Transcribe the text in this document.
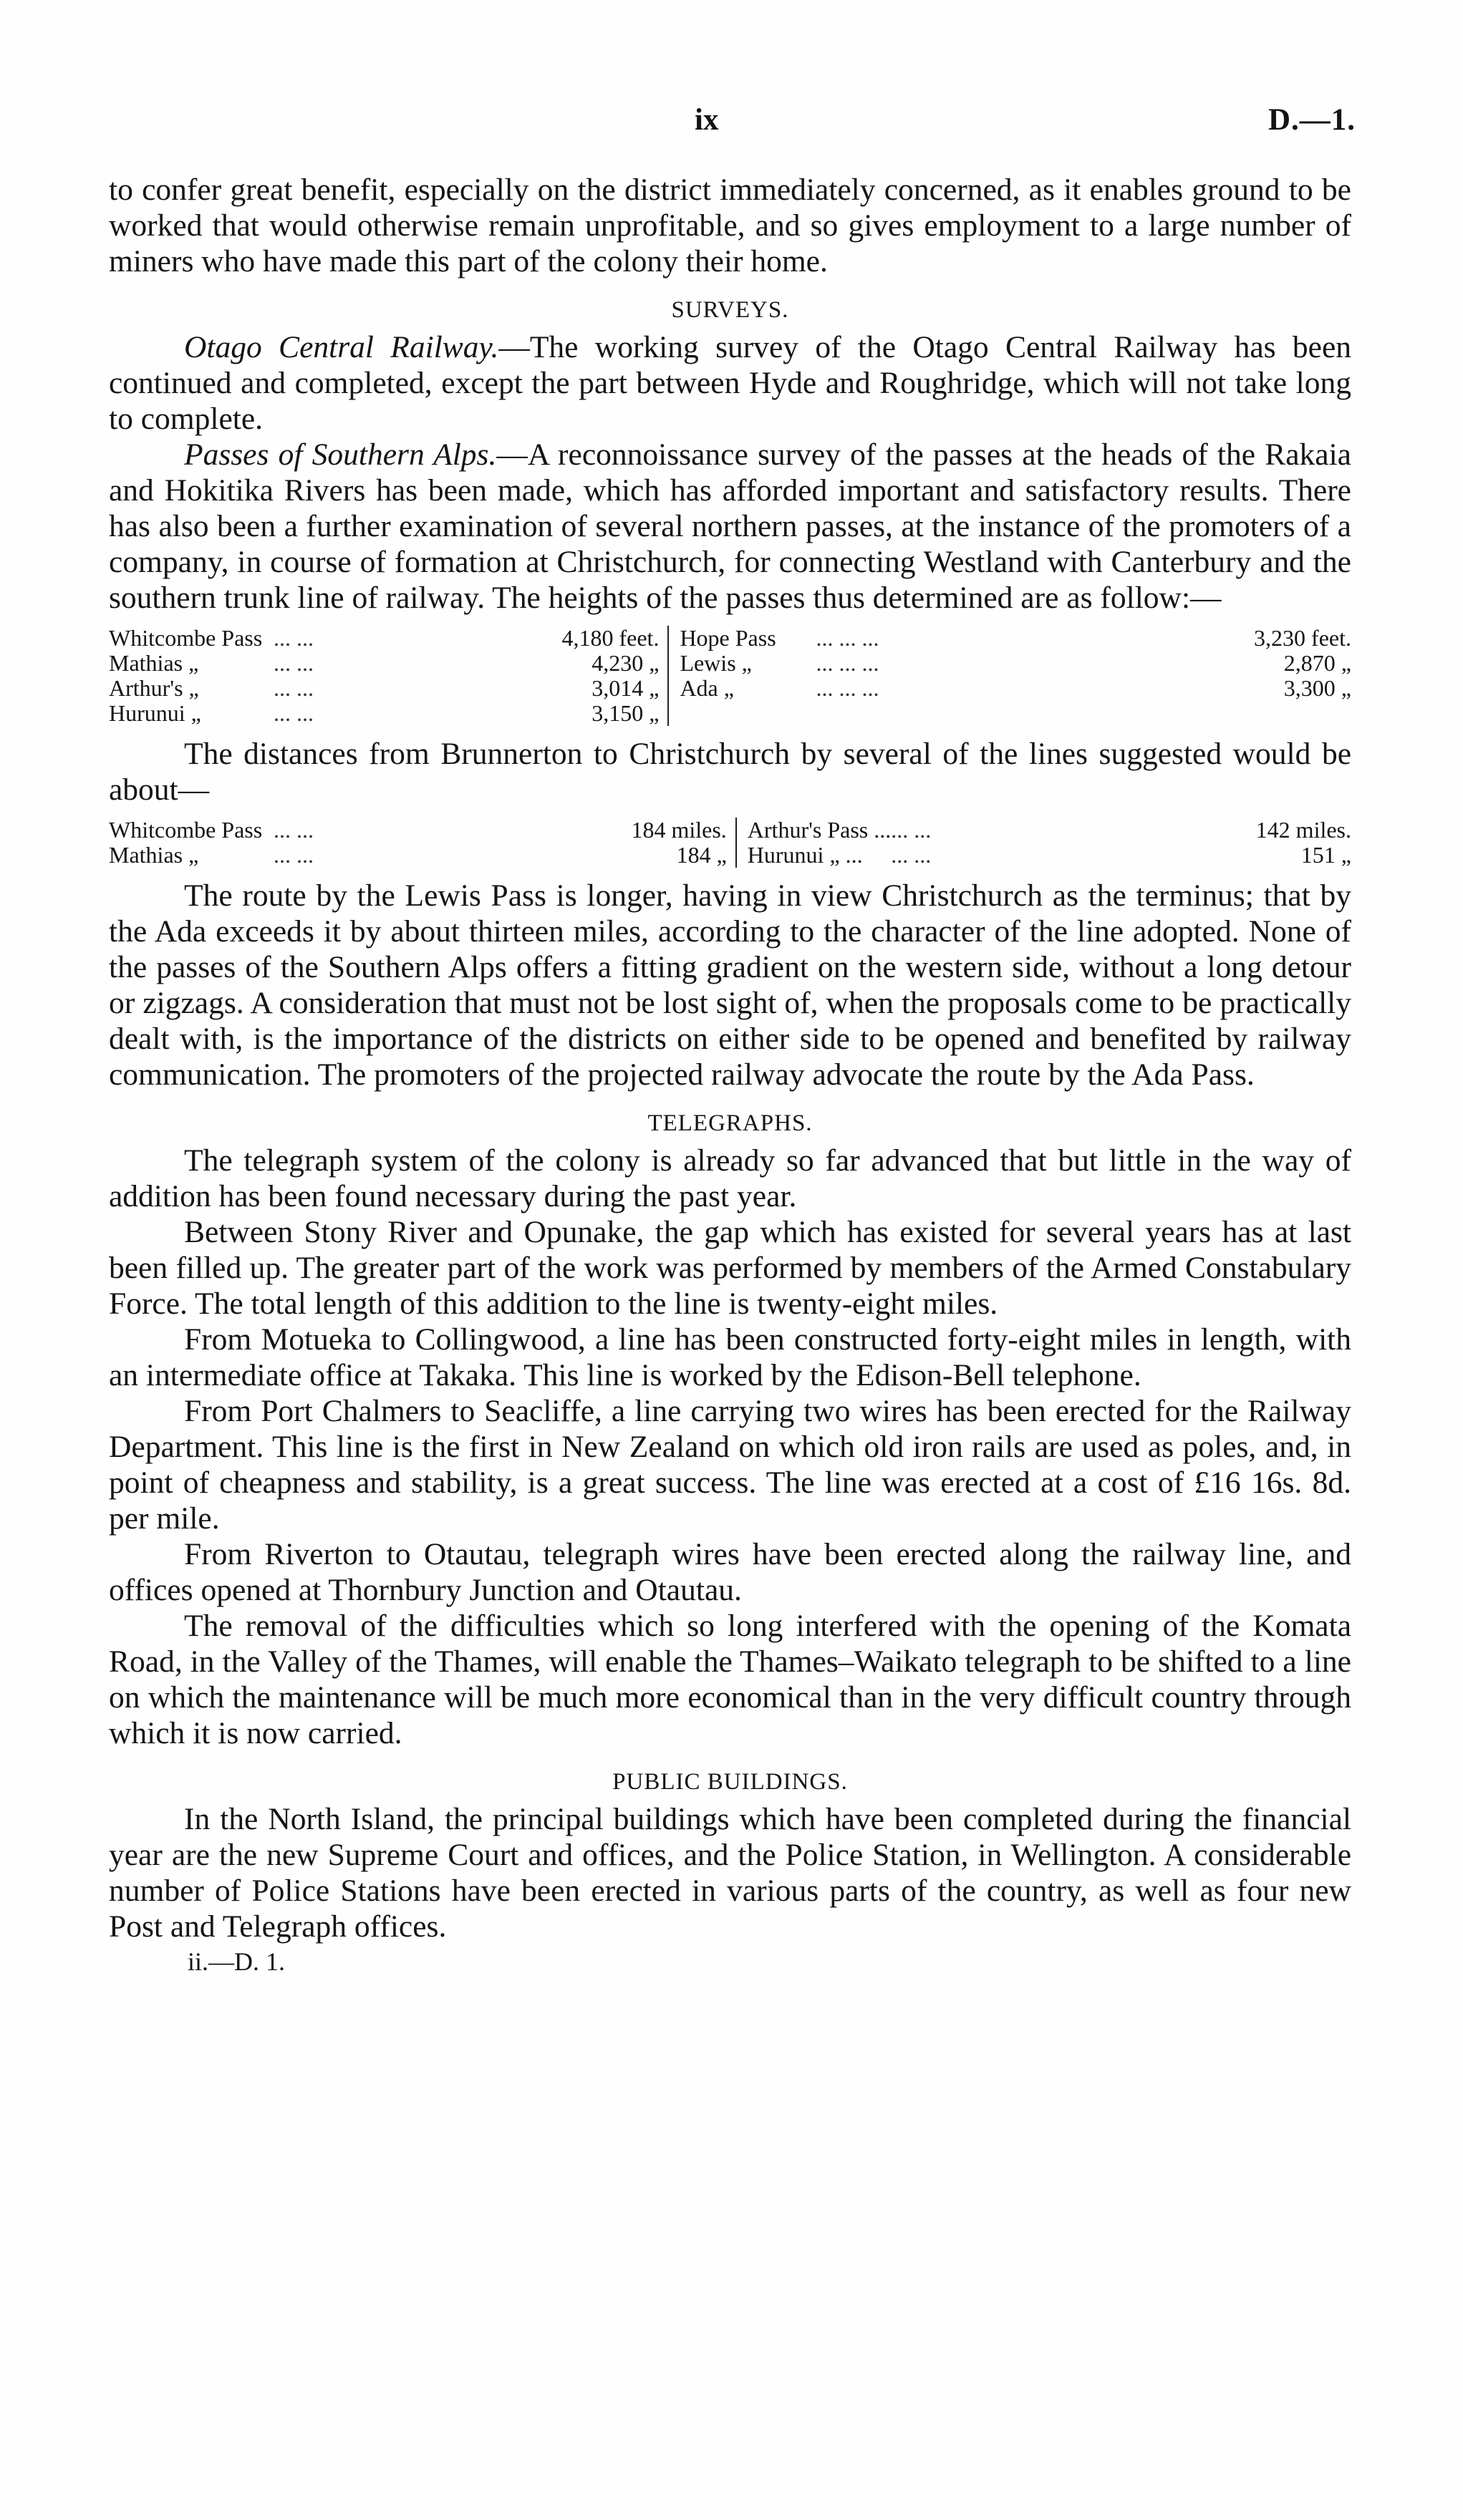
ix	D.—1.

to confer great benefit, especially on the district immediately concerned, as it enables ground to be worked that would otherwise remain unprofitable, and so gives employment to a large number of miners who have made this part of the colony their home.

SURVEYS.

Otago Central Railway.—The working survey of the Otago Central Railway has been continued and completed, except the part between Hyde and Roughridge, which will not take long to complete.

Passes of Southern Alps.—A reconnoissance survey of the passes at the heads of the Rakaia and Hokitika Rivers has been made, which has afforded important and satisfactory results. There has also been a further examination of several northern passes, at the instance of the promoters of a company, in course of formation at Christchurch, for connecting Westland with Canterbury and the southern trunk line of railway. The heights of the passes thus determined are as follow:—

Whitcombe Pass	... ...	4,180 feet.		Hope Pass	... ... ...	3,230 feet.
Mathias „	... ...	4,230 „		Lewis „	... ... ...	2,870 „
Arthur's „	... ...	3,014 „		Ada „	... ... ...	3,300 „
Hurunui „	... ...	3,150 „				

The distances from Brunnerton to Christchurch by several of the lines suggested would be about—

Whitcombe Pass	... ...	184 miles.		Arthur's Pass ...	... ...	142 miles.
Mathias „	... ...	184 „		Hurunui „ ...	... ...	151 „

The route by the Lewis Pass is longer, having in view Christchurch as the terminus; that by the Ada exceeds it by about thirteen miles, according to the character of the line adopted. None of the passes of the Southern Alps offers a fitting gradient on the western side, without a long detour or zigzags. A consideration that must not be lost sight of, when the proposals come to be practically dealt with, is the importance of the districts on either side to be opened and benefited by railway communication. The promoters of the projected railway advocate the route by the Ada Pass.

TELEGRAPHS.

The telegraph system of the colony is already so far advanced that but little in the way of addition has been found necessary during the past year.

Between Stony River and Opunake, the gap which has existed for several years has at last been filled up. The greater part of the work was performed by members of the Armed Constabulary Force. The total length of this addition to the line is twenty-eight miles.

From Motueka to Collingwood, a line has been constructed forty-eight miles in length, with an intermediate office at Takaka. This line is worked by the Edison-Bell telephone.

From Port Chalmers to Seacliffe, a line carrying two wires has been erected for the Railway Department. This line is the first in New Zealand on which old iron rails are used as poles, and, in point of cheapness and stability, is a great success. The line was erected at a cost of £16 16s. 8d. per mile.

From Riverton to Otautau, telegraph wires have been erected along the railway line, and offices opened at Thornbury Junction and Otautau.

The removal of the difficulties which so long interfered with the opening of the Komata Road, in the Valley of the Thames, will enable the Thames–Waikato telegraph to be shifted to a line on which the maintenance will be much more economical than in the very difficult country through which it is now carried.

PUBLIC BUILDINGS.

In the North Island, the principal buildings which have been completed during the financial year are the new Supreme Court and offices, and the Police Station, in Wellington. A considerable number of Police Stations have been erected in various parts of the country, as well as four new Post and Telegraph offices.

ii.—D. 1.
